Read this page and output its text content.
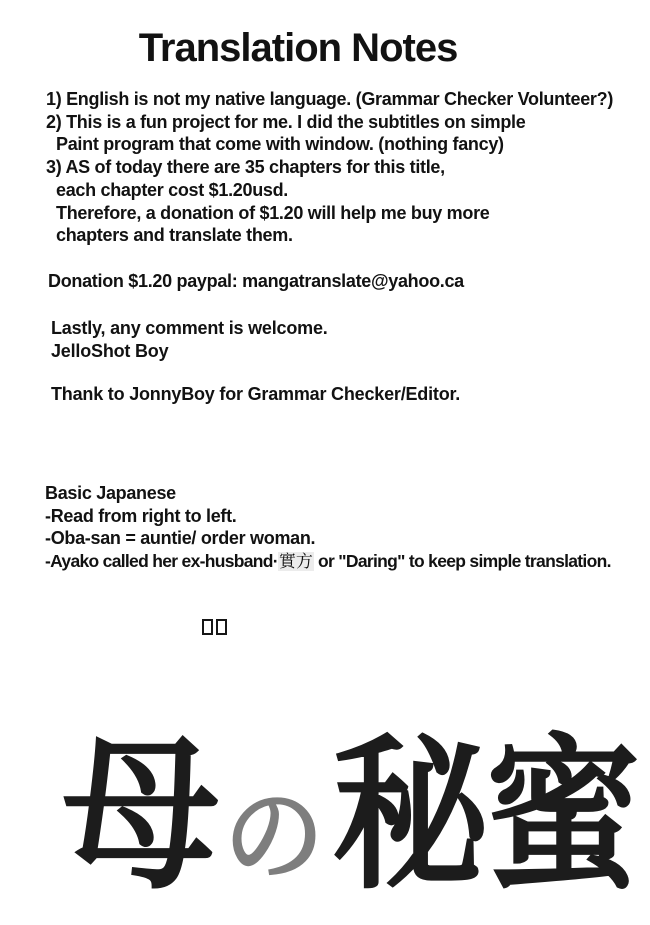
Translation Notes
1) English is not my native language. (Grammar Checker Volunteer?)
2) This is a fun project for me. I did the subtitles on simple
Paint program that come with window. (nothing fancy)
3) AS of today there are 35 chapters for this title,
each chapter cost $1.20usd.
Therefore, a donation of $1.20 will help me buy more
chapters and translate them.
Donation $1.20 paypal: mangatranslate@yahoo.ca
Lastly, any comment is welcome.
JelloShot Boy
Thank to JonnyBoy for Grammar Checker/Editor.
Basic Japanese
-Read from right to left.
-Oba-san = auntie/ order woman.
-Ayako called her ex-husband·實方 or "Daring" to keep simple translation.
母 の 秘蜜
